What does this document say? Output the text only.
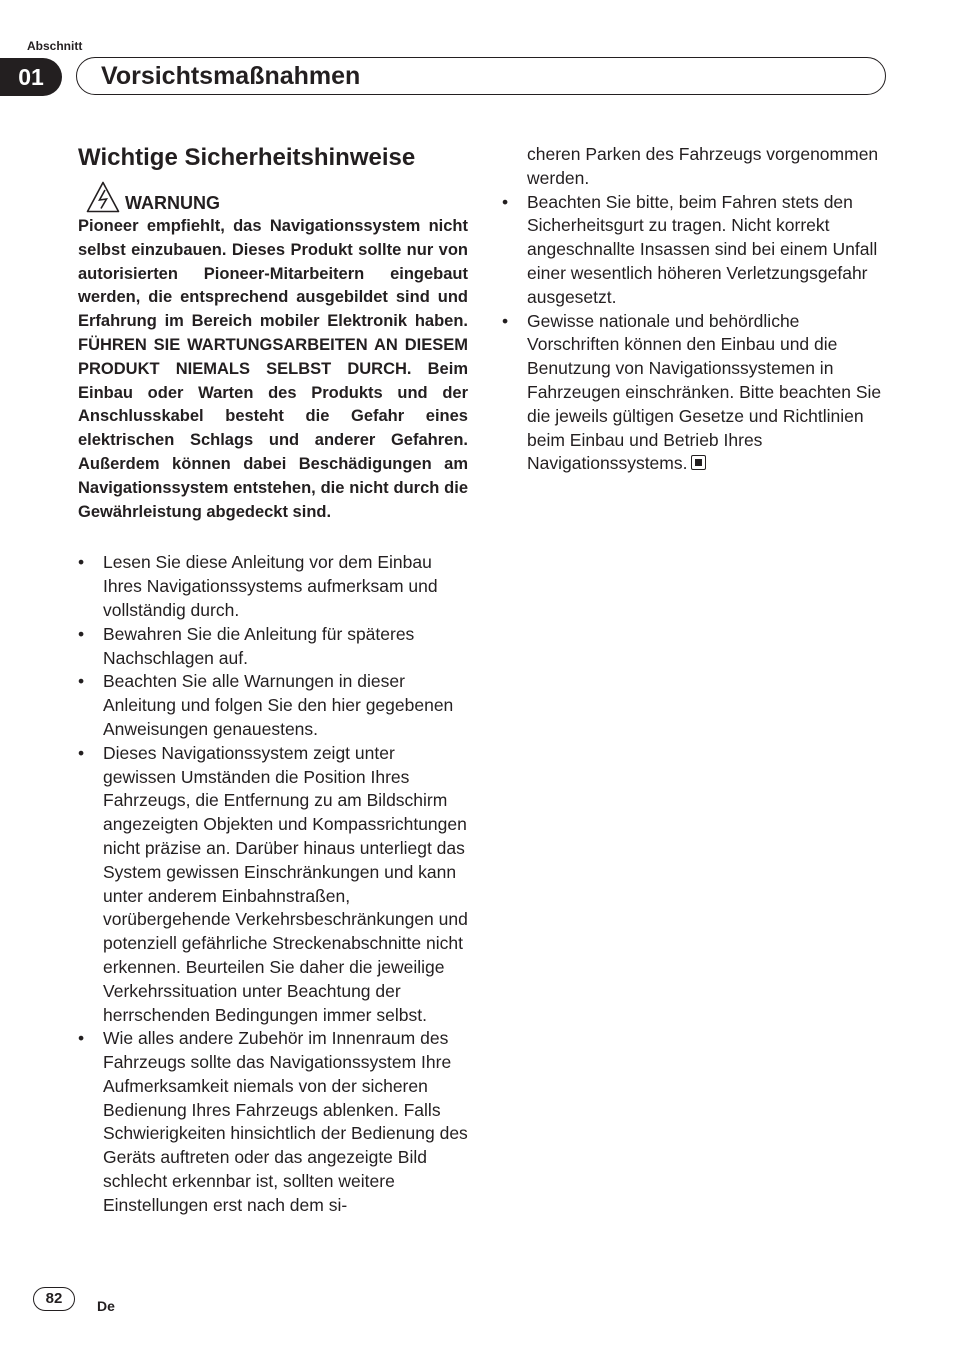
Abschnitt
01	Vorsichtsmaßnahmen
Wichtige Sicherheitshinweise
WARNUNG

Pioneer empfiehlt, das Navigationssystem nicht selbst einzubauen. Dieses Produkt sollte nur von autorisierten Pioneer-Mitarbeitern eingebaut werden, die entsprechend ausgebildet sind und Erfahrung im Bereich mobiler Elektronik haben. FÜHREN SIE WARTUNGSARBEITEN AN DIESEM PRODUKT NIEMALS SELBST DURCH. Beim Einbau oder Warten des Produkts und der Anschlusskabel besteht die Gefahr eines elektrischen Schlags und anderer Gefahren. Außerdem können dabei Beschädigungen am Navigationssystem entstehen, die nicht durch die Gewährleistung abgedeckt sind.

• Lesen Sie diese Anleitung vor dem Einbau Ihres Navigationssystems aufmerksam und vollständig durch.
• Bewahren Sie die Anleitung für späteres Nachschlagen auf.
• Beachten Sie alle Warnungen in dieser Anleitung und folgen Sie den hier gegebenen Anweisungen genauestens.
• Dieses Navigationssystem zeigt unter gewissen Umständen die Position Ihres Fahrzeugs, die Entfernung zu am Bildschirm angezeigten Objekten und Kompassrichtungen nicht präzise an. Darüber hinaus unterliegt das System gewissen Einschränkungen und kann unter anderem Einbahnstraßen, vorübergehende Verkehrsbeschränkungen und potenziell gefährliche Streckenabschnitte nicht erkennen. Beurteilen Sie daher die jeweilige Verkehrssituation unter Beachtung der herrschenden Bedingungen immer selbst.
• Wie alles andere Zubehör im Innenraum des Fahrzeugs sollte das Navigationssystem Ihre Aufmerksamkeit niemals von der sicheren Bedienung Ihres Fahrzeugs ablenken. Falls Schwierigkeiten hinsichtlich der Bedienung des Geräts auftreten oder das angezeigte Bild schlecht erkennbar ist, sollten weitere Einstellungen erst nach dem si-
cheren Parken des Fahrzeugs vorgenommen werden.
• Beachten Sie bitte, beim Fahren stets den Sicherheitsgurt zu tragen. Nicht korrekt angeschnallte Insassen sind bei einem Unfall einer wesentlich höheren Verletzungsgefahr ausgesetzt.
• Gewisse nationale und behördliche Vorschriften können den Einbau und die Benutzung von Navigationssystemen in Fahrzeugen einschränken. Bitte beachten Sie die jeweils gültigen Gesetze und Richtlinien beim Einbau und Betrieb Ihres Navigationssystems.
82	De
